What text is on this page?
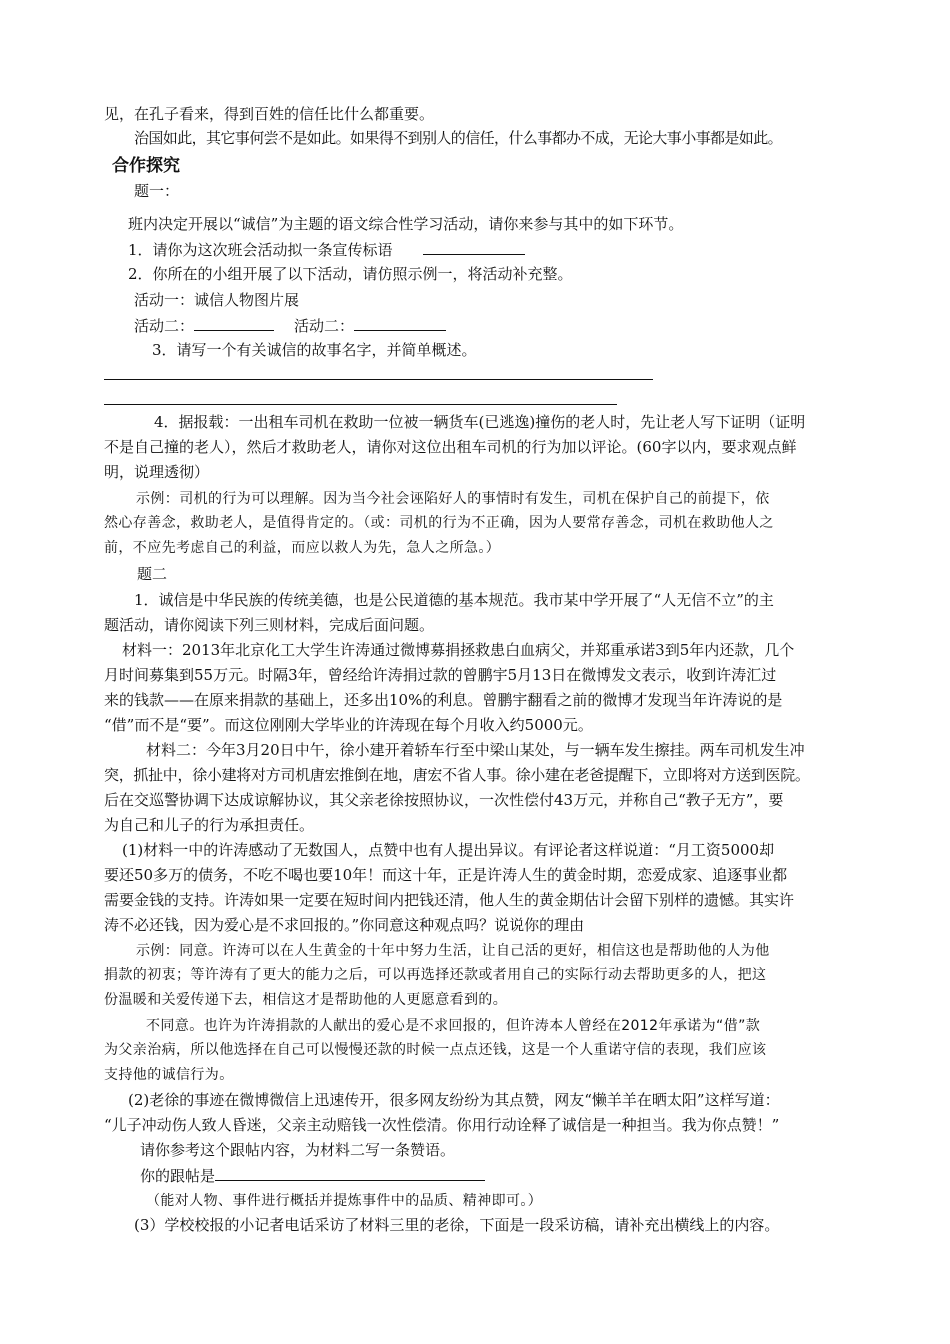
见，在孔子看来，得到百姓的信任比什么都重要。
治国如此，其它事何尝不是如此。如果得不到别人的信任，什么事都办不成，无论大事小事都是如此。
合作探究
题一：
班内决定开展以“诚信”为主题的语文综合性学习活动，请你来参与其中的如下环节。
1．请你为这次班会活动拟一条宣传标语
2．你所在的小组开展了以下活动，请仿照示例一，将活动补充整。
活动一：诚信人物图片展
活动二：	活动二：
3．请写一个有关诚信的故事名字，并简单概述。
4．据报载：一出租车司机在救助一位被一辆货车(已逃逸)撞伤的老人时，先让老人写下证明（证明
不是自己撞的老人），然后才救助老人，请你对这位出租车司机的行为加以评论。(60字以内，要求观点鲜
明，说理透彻）
示例：司机的行为可以理解。因为当今社会诬陷好人的事情时有发生，司机在保护自己的前提下，依
然心存善念，救助老人，是值得肯定的。（或：司机的行为不正确，因为人要常存善念，司机在救助他人之
前，不应先考虑自己的利益，而应以救人为先，急人之所急。）
题二
1．诚信是中华民族的传统美德，也是公民道德的基本规范。我市某中学开展了“人无信不立”的主
题活动，请你阅读下列三则材料，完成后面问题。
材料一：2013年北京化工大学生许涛通过微博募捐拯救患白血病父，并郑重承诺3到5年内还款，几个
月时间募集到55万元。时隔3年，曾经给许涛捐过款的曾鹏宇5月13日在微博发文表示，收到许涛汇过
来的钱款——在原来捐款的基础上，还多出10%的利息。曾鹏宇翻看之前的微博才发现当年许涛说的是
“借”而不是“要”。而这位刚刚大学毕业的许涛现在每个月收入约5000元。
材料二：今年3月20日中午，徐小建开着轿车行至中梁山某处，与一辆车发生擦挂。两车司机发生冲
突，抓扯中，徐小建将对方司机唐宏推倒在地，唐宏不省人事。徐小建在老爸提醒下，立即将对方送到医院。
后在交巡警协调下达成谅解协议，其父亲老徐按照协议，一次性偿付43万元，并称自己“教子无方”，要
为自己和儿子的行为承担责任。
(1)材料一中的许涛感动了无数国人，点赞中也有人提出异议。有评论者这样说道：“月工资5000却
要还50多万的债务，不吃不喝也要10年！而这十年，正是许涛人生的黄金时期，恋爱成家、追逐事业都
需要金钱的支持。许涛如果一定要在短时间内把钱还清，他人生的黄金期估计会留下别样的遗憾。其实许
涛不必还钱，因为爱心是不求回报的。”你同意这种观点吗？说说你的理由
示例：同意。许涛可以在人生黄金的十年中努力生活，让自己活的更好，相信这也是帮助他的人为他
捐款的初衷；等许涛有了更大的能力之后，可以再选择还款或者用自己的实际行动去帮助更多的人，把这
份温暖和关爱传递下去，相信这才是帮助他的人更愿意看到的。
不同意。也许为许涛捐款的人献出的爱心是不求回报的，但许涛本人曾经在2012年承诺为“借”款
为父亲治病，所以他选择在自己可以慢慢还款的时候一点点还钱，这是一个人重诺守信的表现，我们应该
支持他的诚信行为。
(2)老徐的事迹在微博微信上迅速传开，很多网友纷纷为其点赞，网友“懒羊羊在晒太阳”这样写道：
“儿子冲动伤人致人昏迷，父亲主动赔钱一次性偿清。你用行动诠释了诚信是一种担当。我为你点赞！”
请你参考这个跟帖内容，为材料二写一条赞语。
你的跟帖是
（能对人物、事件进行概括并提炼事件中的品质、精神即可。）
(3）学校校报的小记者电话采访了材料三里的老徐，下面是一段采访稿，请补充出横线上的内容。
